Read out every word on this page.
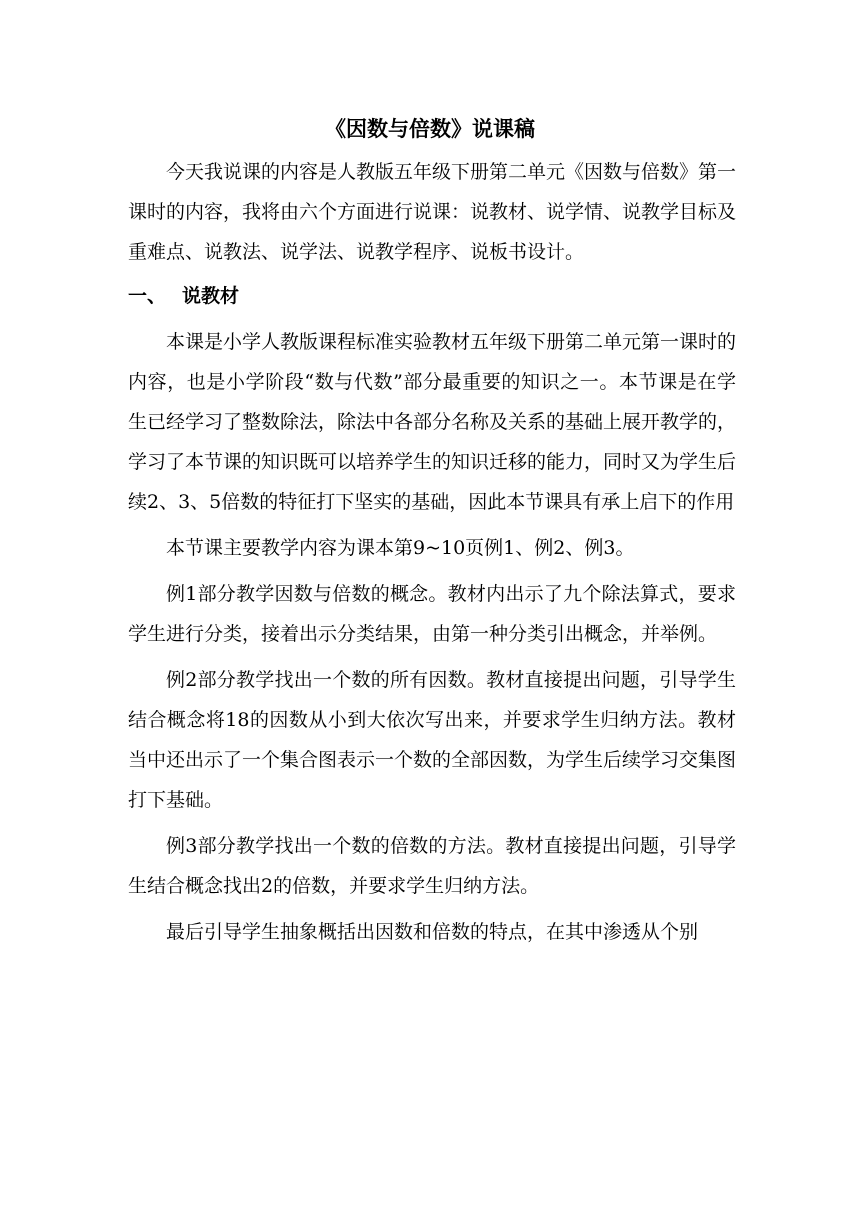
《因数与倍数》说课稿

今天我说课的内容是人教版五年级下册第二单元《因数与倍数》第一课时的内容，我将由六个方面进行说课：说教材、说学情、说教学目标及重难点、说教法、说学法、说教学程序、说板书设计。

一、 说教材

本课是小学人教版课程标准实验教材五年级下册第二单元第一课时的内容，也是小学阶段“数与代数”部分最重要的知识之一。本节课是在学生已经学习了整数除法，除法中各部分名称及关系的基础上展开教学的，学习了本节课的知识既可以培养学生的知识迁移的能力，同时又为学生后续2、3、5倍数的特征打下坚实的基础，因此本节课具有承上启下的作用

本节课主要教学内容为课本第9~10页例1、例2、例3。

例1部分教学因数与倍数的概念。教材内出示了九个除法算式，要求学生进行分类，接着出示分类结果，由第一种分类引出概念，并举例。

例2部分教学找出一个数的所有因数。教材直接提出问题，引导学生结合概念将18的因数从小到大依次写出来，并要求学生归纳方法。教材当中还出示了一个集合图表示一个数的全部因数，为学生后续学习交集图打下基础。

例3部分教学找出一个数的倍数的方法。教材直接提出问题，引导学生结合概念找出2的倍数，并要求学生归纳方法。

最后引导学生抽象概括出因数和倍数的特点，在其中渗透从个别
